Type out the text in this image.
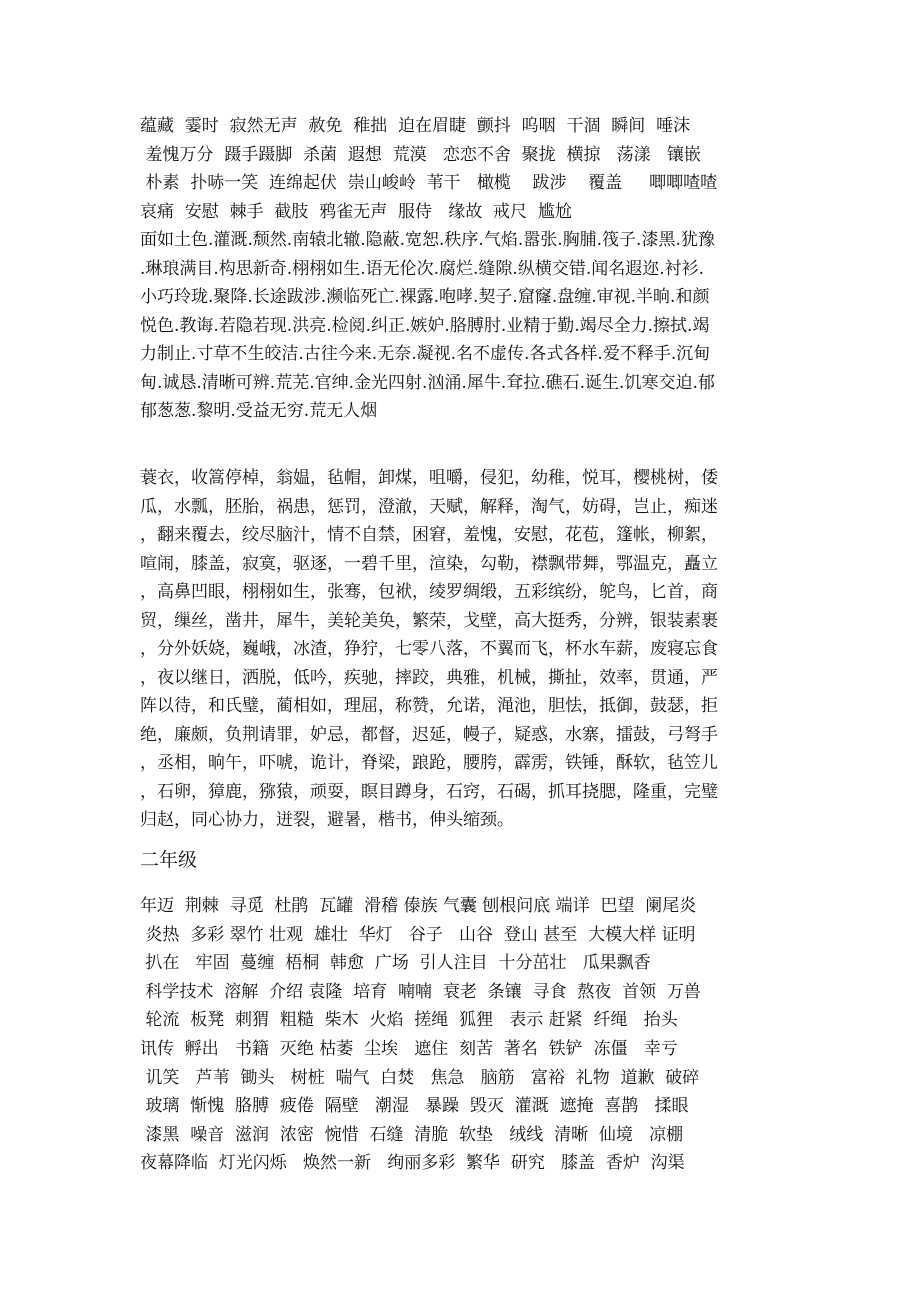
蕴藏  霎时  寂然无声  赦免  稚拙  迫在眉睫  颤抖  呜咽  干涸  瞬间  唾沫
羞愧万分  蹑手蹑脚  杀菌  遐想  荒漠   恋恋不舍  聚拢  横掠   荡漾   镶嵌
朴素  扑哧一笑  连绵起伏  崇山峻岭  苇干   橄榄    跋涉    覆盖     唧唧喳喳
哀痛  安慰  棘手  截肢  鸦雀无声  服侍   缘故  戒尺  尴尬
面如土色.灌溉.颓然.南辕北辙.隐蔽.宽恕.秩序.气焰.嚣张.胸脯.筏子.漆黑.犹豫
.琳琅满目.构思新奇.栩栩如生.语无伦次.腐烂.缝隙.纵横交错.闻名遐迩.衬衫.
小巧玲珑.聚降.长途跋涉.濒临死亡.裸露.咆哮.契子.窟窿.盘缠.审视.半晌.和颜
悦色.教诲.若隐若现.洪亮.检阅.纠正.嫉妒.胳膊肘.业精于勤.竭尽全力.擦拭.竭
力制止.寸草不生皎洁.古往今来.无奈.凝视.名不虚传.各式各样.爱不释手.沉甸
甸.诚恳.清晰可辨.荒芜.官绅.金光四射.汹涌.犀牛.耷拉.礁石.诞生.饥寒交迫.郁
郁葱葱.黎明.受益无穷.荒无人烟
蓑衣，收篙停棹，翁媪，毡帽，卸煤，咀嚼，侵犯，幼稚，悦耳，樱桃树，倭
瓜，水瓢，胚胎，祸患，惩罚，澄澈，天赋，解释，淘气，妨碍，岂止，痴迷
，翻来覆去，绞尽脑汁，情不自禁，困窘，羞愧，安慰，花苞，篷帐，柳絮，
喧闹，膝盖，寂寞，驱逐，一碧千里，渲染，勾勒，襟飘带舞，鄂温克，矗立
，高鼻凹眼，栩栩如生，张骞，包袱，绫罗绸缎，五彩缤纷，鸵鸟，匕首，商
贸，缫丝，凿井，犀牛，美轮美奂，繁荣，戈壁，高大挺秀，分辨，银装素裹
，分外妖娆，巍峨，冰渣，狰狞，七零八落，不翼而飞，杯水车薪，废寝忘食
，夜以继日，洒脱，低吟，疾驰，摔跤，典雅，机械，撕扯，效率，贯通，严
阵以待，和氏璧，蔺相如，理屈，称赞，允诺，渑池，胆怯，抵御，鼓瑟，拒
绝，廉颇，负荆请罪，妒忌，都督，迟延，幔子，疑惑，水寨，擂鼓，弓弩手
，丞相，晌午，吓唬，诡计，脊梁，踉跄，腰胯，霹雳，铁锤，酥软，毡笠儿
，石卵，獐鹿，猕猿，顽耍，瞑目蹲身，石窍，石碣，抓耳挠腮，隆重，完璧
归赵，同心协力，迸裂，避暑，楷书，伸头缩颈。
二年级
年迈  荆棘  寻觅  杜鹃  瓦罐  滑稽 傣族 气囊 刨根问底 端详  巴望  阑尾炎
炎热  多彩 翠竹 壮观  雄壮  华灯   谷子   山谷  登山 甚至  大模大样 证明
扒在   牢固  蔓缠  梧桐  韩愈  广场  引人注目  十分茁壮   瓜果飘香
科学技术  溶解  介绍 袁隆  培育  喃喃  衰老  条镶  寻食  熬夜  首领  万兽
轮流  板凳  刺猬  粗糙  柴木  火焰  搓绳  狐狸   表示 赶紧  纤绳   抬头
讯传  孵出   书籍  灭绝 枯萎  尘埃   遮住  刻苦  著名  铁铲  冻僵   幸亏
讥笑   芦苇  锄头   树桩  喘气  白焚   焦急   脑筋   富裕  礼物  道歉  破碎
玻璃  惭愧  胳膊  疲倦  隔壁   潮湿   暴躁  毁灭  灌溉  遮掩  喜鹊   揉眼
漆黑  噪音  滋润  浓密  惋惜  石缝  清脆  软垫   绒线  清晰  仙境   凉棚
夜幕降临  灯光闪烁   焕然一新   绚丽多彩  繁华  研究   膝盖  香炉  沟渠
